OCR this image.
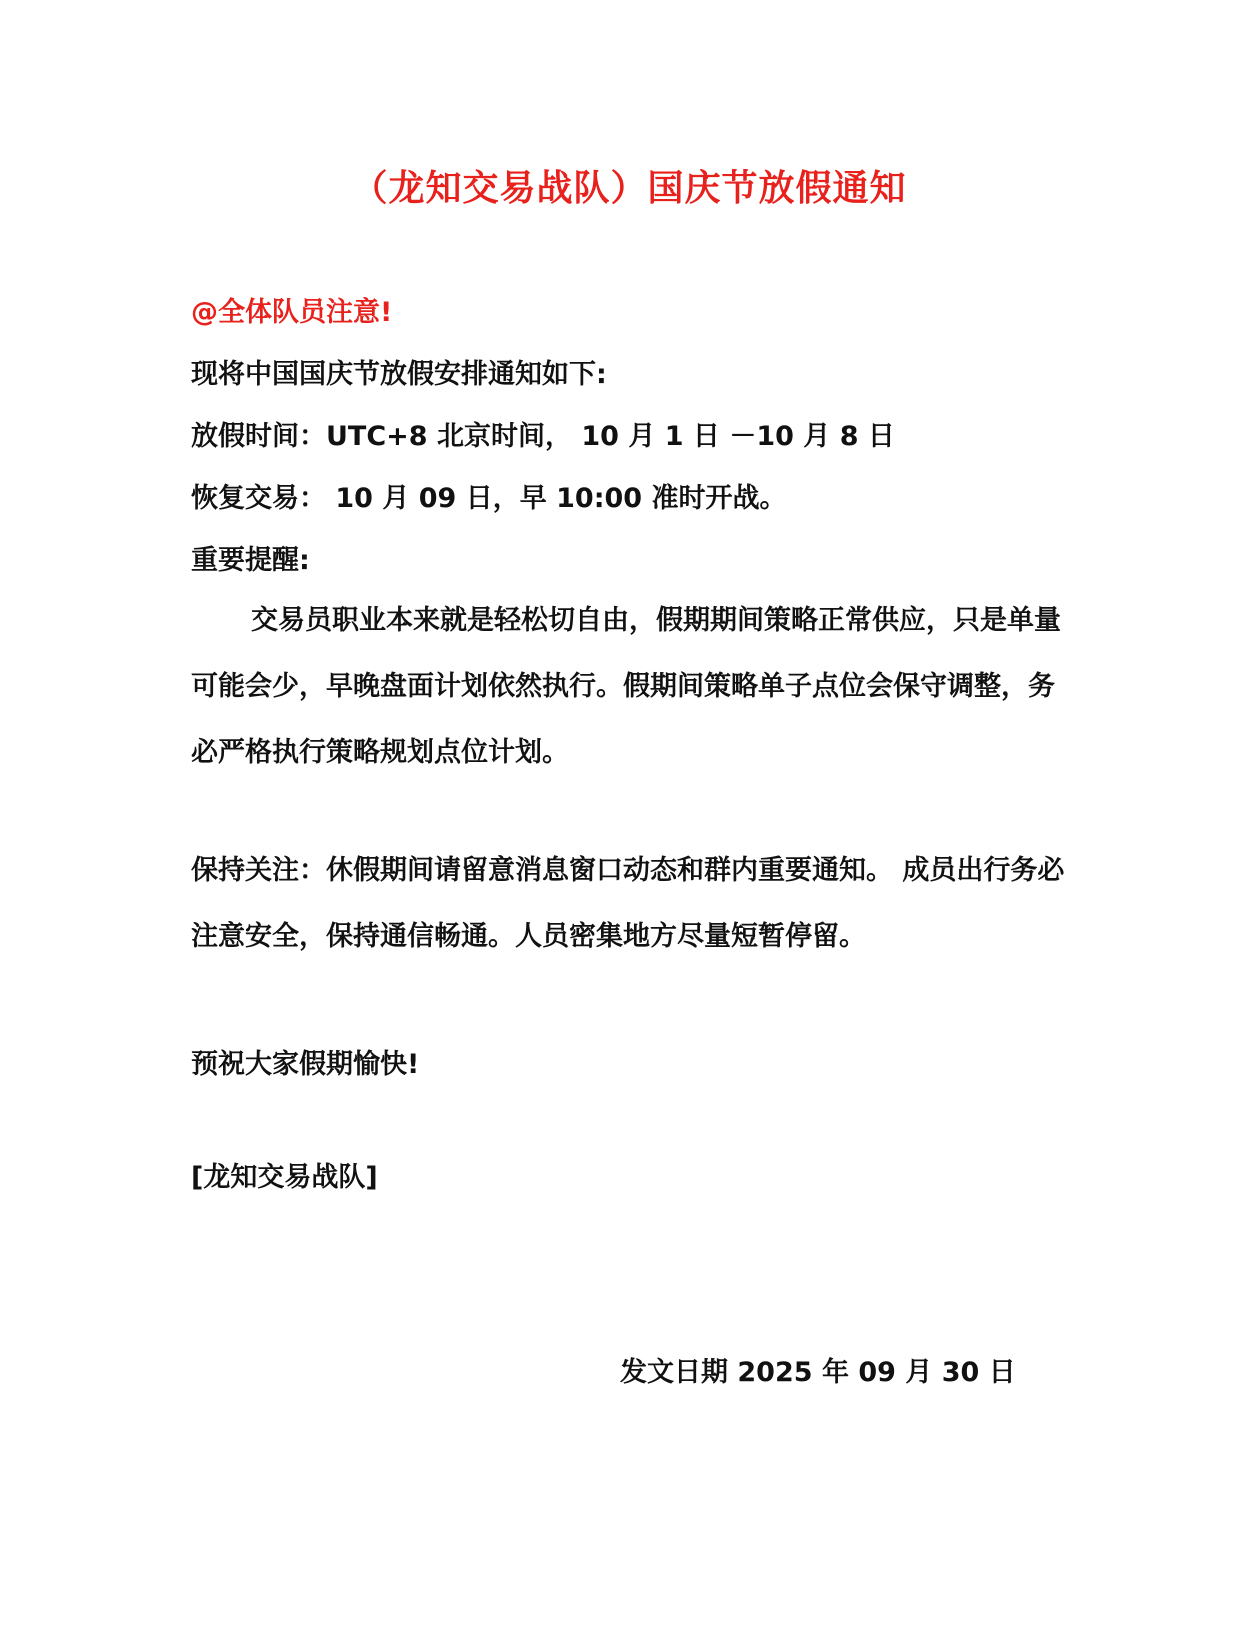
（龙知交易战队）国庆节放假通知
@全体队员注意!
现将中国国庆节放假安排通知如下:
放假时间：UTC+8 北京时间， 10 月 1 日 －10 月 8 日
恢复交易： 10 月 09 日，早 10:00 准时开战。
重要提醒:
交易员职业本来就是轻松切自由，假期期间策略正常供应，只是单量可能会少，早晚盘面计划依然执行。假期间策略单子点位会保守调整，务必严格执行策略规划点位计划。
保持关注：休假期间请留意消息窗口动态和群内重要通知。 成员出行务必注意安全，保持通信畅通。人员密集地方尽量短暂停留。
预祝大家假期愉快!
[龙知交易战队]
发文日期 2025 年 09 月 30 日
